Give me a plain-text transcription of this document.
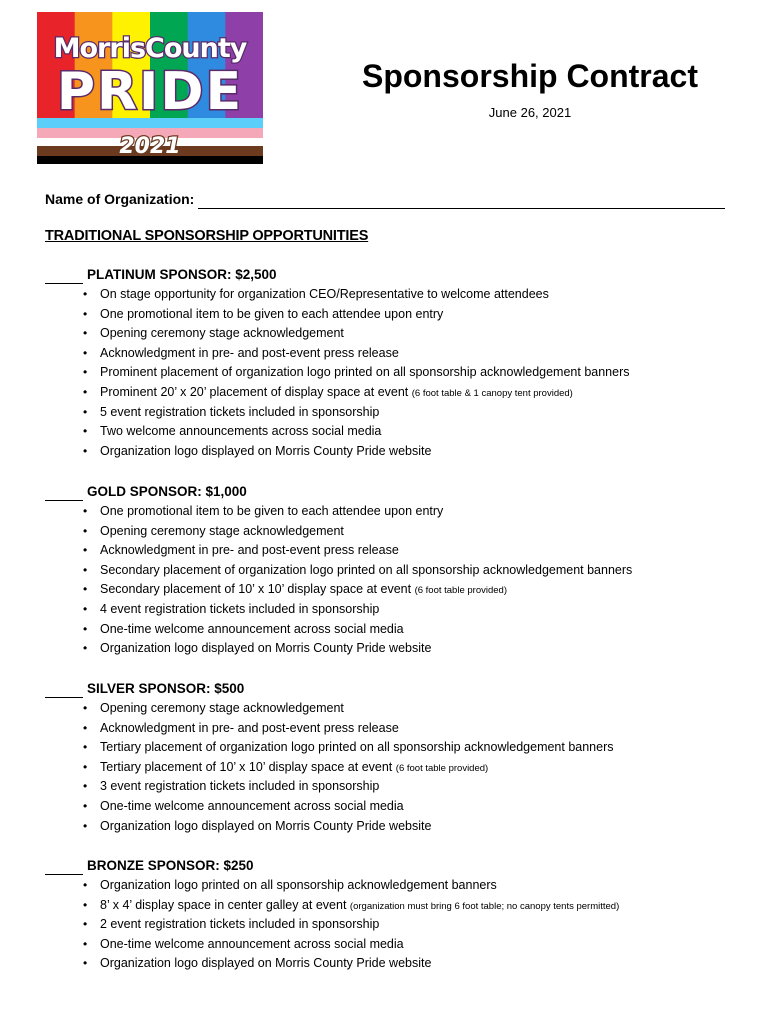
MorrisCounty
PRIDE
2021
Sponsorship Contract
June 26, 2021
Name of Organization:
TRADITIONAL SPONSORSHIP OPPORTUNITIES
PLATINUM SPONSOR: $2,500
• On stage opportunity for organization CEO/Representative to welcome attendees
• One promotional item to be given to each attendee upon entry
• Opening ceremony stage acknowledgement
• Acknowledgment in pre- and post-event press release
• Prominent placement of organization logo printed on all sponsorship acknowledgement banners
• Prominent 20’ x 20’ placement of display space at event (6 foot table & 1 canopy tent provided)
• 5 event registration tickets included in sponsorship
• Two welcome announcements across social media
• Organization logo displayed on Morris County Pride website
GOLD SPONSOR: $1,000
• One promotional item to be given to each attendee upon entry
• Opening ceremony stage acknowledgement
• Acknowledgment in pre- and post-event press release
• Secondary placement of organization logo printed on all sponsorship acknowledgement banners
• Secondary placement of 10’ x 10’ display space at event (6 foot table provided)
• 4 event registration tickets included in sponsorship
• One-time welcome announcement across social media
• Organization logo displayed on Morris County Pride website
SILVER SPONSOR: $500
• Opening ceremony stage acknowledgement
• Acknowledgment in pre- and post-event press release
• Tertiary placement of organization logo printed on all sponsorship acknowledgement banners
• Tertiary placement of 10’ x 10’ display space at event (6 foot table provided)
• 3 event registration tickets included in sponsorship
• One-time welcome announcement across social media
• Organization logo displayed on Morris County Pride website
BRONZE SPONSOR: $250
• Organization logo printed on all sponsorship acknowledgement banners
• 8’ x 4’ display space in center galley at event (organization must bring 6 foot table; no canopy tents permitted)
• 2 event registration tickets included in sponsorship
• One-time welcome announcement across social media
• Organization logo displayed on Morris County Pride website
